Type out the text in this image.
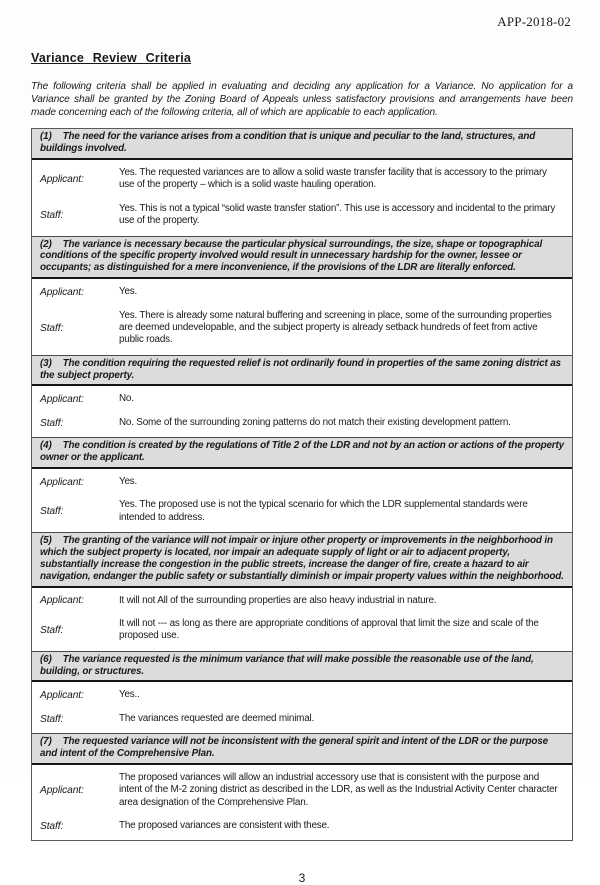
APP-2018-02
Variance Review Criteria

The following criteria shall be applied in evaluating and deciding any application for a Variance. No application for a Variance shall be granted by the Zoning Board of Appeals unless satisfactory provisions and arrangements have been made concerning each of the following criteria, all of which are applicable to each application.

(1) The need for the variance arises from a condition that is unique and peculiar to the land, structures, and buildings involved.
Applicant:
Yes. The requested variances are to allow a solid waste transfer facility that is accessory to the primary use of the property – which is a solid waste hauling operation.
Staff:
Yes. This is not a typical “solid waste transfer station”. This use is accessory and incidental to the primary use of the property.
(2) The variance is necessary because the particular physical surroundings, the size, shape or topographical conditions of the specific property involved would result in unnecessary hardship for the owner, lessee or occupants; as distinguished for a mere inconvenience, if the provisions of the LDR are literally enforced.
Applicant:	Yes.
Staff:
Yes. There is already some natural buffering and screening in place, some of the surrounding properties are deemed undevelopable, and the subject property is already setback hundreds of feet from active public roads.
(3) The condition requiring the requested relief is not ordinarily found in properties of the same zoning district as the subject property.
Applicant:	No.
Staff:	No. Some of the surrounding zoning patterns do not match their existing development pattern.
(4) The condition is created by the regulations of Title 2 of the LDR and not by an action or actions of the property owner or the applicant.
Applicant:	Yes.
Staff:
Yes. The proposed use is not the typical scenario for which the LDR supplemental standards were intended to address.
(5) The granting of the variance will not impair or injure other property or improvements in the neighborhood in which the subject property is located, nor impair an adequate supply of light or air to adjacent property, substantially increase the congestion in the public streets, increase the danger of fire, create a hazard to air navigation, endanger the public safety or substantially diminish or impair property values within the neighborhood.
Applicant:	It will not All of the surrounding properties are also heavy industrial in nature.
Staff:
It will not --- as long as there are appropriate conditions of approval that limit the size and scale of the proposed use.
(6) The variance requested is the minimum variance that will make possible the reasonable use of the land, building, or structures.
Applicant:	Yes..
Staff:	The variances requested are deemed minimal.
(7) The requested variance will not be inconsistent with the general spirit and intent of the LDR or the purpose and intent of the Comprehensive Plan.
Applicant:
The proposed variances will allow an industrial accessory use that is consistent with the purpose and intent of the M-2 zoning district as described in the LDR, as well as the Industrial Activity Center character area designation of the Comprehensive Plan.
Staff:	The proposed variances are consistent with these.
3
